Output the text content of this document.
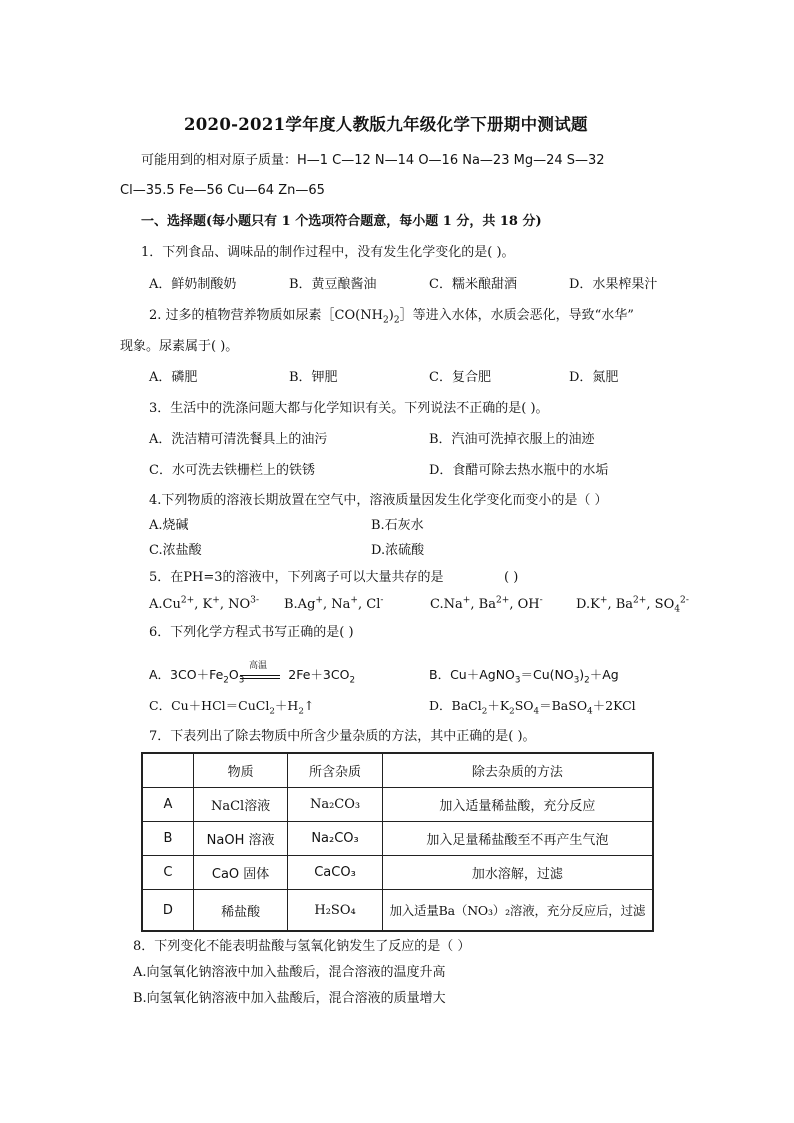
2020-2021学年度人教版九年级化学下册期中测试题
可能用到的相对原子质量：H—1 C—12 N—14 O—16 Na—23 Mg—24 S—32
Cl—35.5 Fe—56 Cu—64 Zn—65
一、选择题(每小题只有 1 个选项符合题意，每小题 1 分，共 18 分)
1．下列食品、调味品的制作过程中，没有发生化学变化的是( )。
A．鲜奶制酸奶	B．黄豆酿酱油	C．糯米酿甜酒	D．水果榨果汁
2. 过多的植物营养物质如尿素$[CO(NH_2)_2]$等进入水体，水质会恶化，导致“水华”
现象。尿素属于( )。
A．磷肥	B．钾肥	C．复合肥	D．氮肥
3．生活中的洗涤问题大都与化学知识有关。下列说法不正确的是( )。
A．洗洁精可清洗餐具上的油污	B．汽油可洗掉衣服上的油迹
C．水可洗去铁栅栏上的铁锈	D．食醋可除去热水瓶中的水垢
4.下列物质的溶液长期放置在空气中，溶液质量因发生化学变化而变小的是（ ）
A.烧碱	B.石灰水
C.浓盐酸	D.浓硫酸
5．在PH=3的溶液中，下列离子可以大量共存的是	( )
$A.Cu^{2+}$, K+, $NO^{3-}$ B.Ag+, Na+, Cl-	C.Na+, $Ba^{2+}$, OH-	D.K+, $Ba^{2+}$, $SO_4^{2-}$
6．下列化学方程式书写正确的是( )
A．$3CO+Fe_2O_3$	$2Fe+3CO_2$
高温
B．$Cu+AgNO_3=Cu(NO_3)_2+Ag$
C．$Cu+HCl=CuCl_2+H_2↑$	D．$BaCl_2+K_2SO_4=BaSO_4+2KCl$
7．下表列出了除去物质中所含少量杂质的方法，其中正确的是( )。
	物质	所含杂质	除去杂质的方法
A	NaCl溶液	Na₂CO₃	加入适量稀盐酸，充分反应
B	NaOH 溶液	Na₂CO₃	加入足量稀盐酸至不再产生气泡
C	CaO 固体	CaCO₃	加水溶解，过滤
D	稀盐酸	H₂SO₄	加入适量Ba（NO₃）₂溶液，充分反应后，过滤
8．下列变化不能表明盐酸与氢氧化钠发生了反应的是（ ）
A.向氢氧化钠溶液中加入盐酸后，混合溶液的温度升高
B.向氢氧化钠溶液中加入盐酸后，混合溶液的质量增大
